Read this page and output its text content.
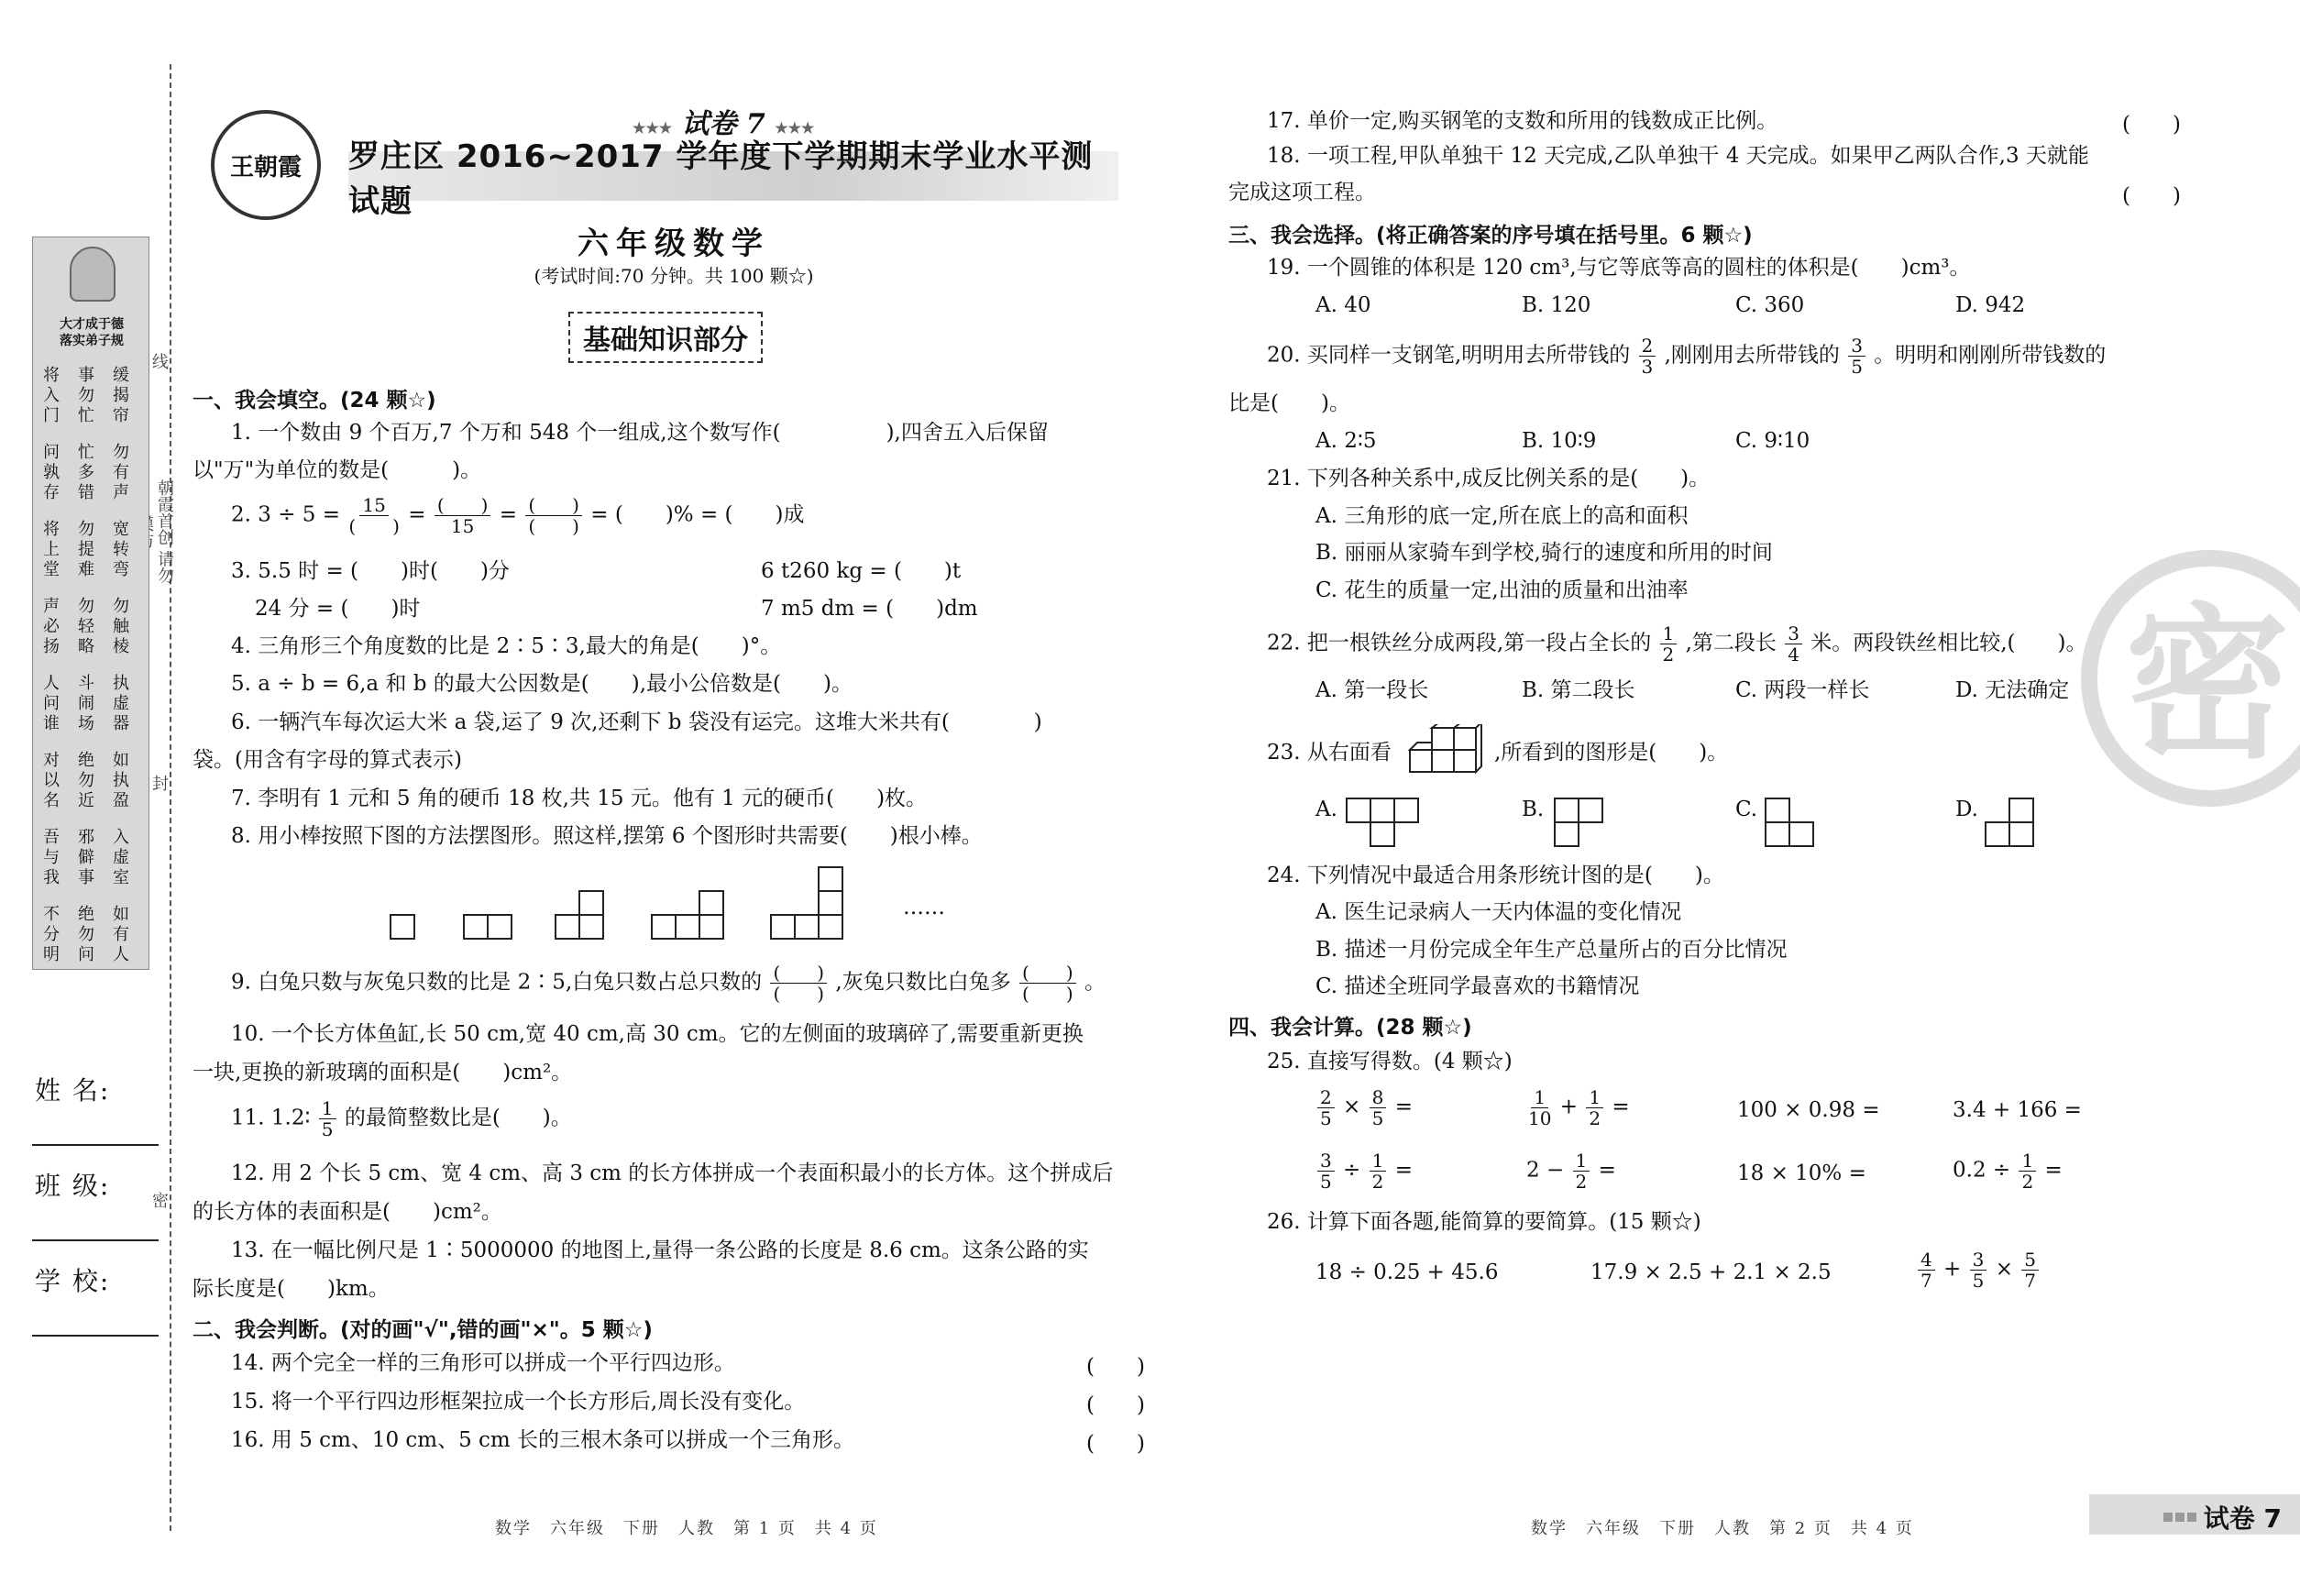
线
朝霞首创 请勿
封
密
大才成于德
落实弟子规
将入门
事勿忙
缓揭帘
问孰存
忙多错
勿有声
将上堂
勿提难
宽转弯
声必扬
勿轻略
勿触棱
人问谁
斗闹场
执虚器
对以名
绝勿近
如执盈
吾与我
邪僻事
入虚室
不分明
绝勿问
如有人
姓 名:
班 级:
学 校:
王朝霞
★★★ 试卷 7 ★★★
罗庄区 2016~2017 学年度下学期期末学业水平测试题
六年级数学
(考试时间:70 分钟。共 100 颗☆)
基础知识部分
一、我会填空。(24 颗☆)
1. 一个数由 9 个百万,7 个万和 548 个一组成,这个数写作(　　　　　),四舍五入后保留
以"万"为单位的数是(　　　)。
2. $3 \div 5 = \frac{15}{( )} = \frac{( )}{15} = \frac{( )}{( )}$ = (　　)% = (　　)成
3. 5.5 时 = (　　)时(　　)分	6 t260 kg = (　　)t
24 分 = (　　)时	7 m5 dm = (　　)dm
4. 三角形三个角度数的比是 2∶5∶3,最大的角是(　　)°。
5. a ÷ b = 6,a 和 b 的最大公因数是(　　),最小公倍数是(　　)。
6. 一辆汽车每次运大米 a 袋,运了 9 次,还剩下 b 袋没有运完。这堆大米共有(　　　　)
袋。(用含有字母的算式表示)
7. 李明有 1 元和 5 角的硬币 18 枚,共 15 元。他有 1 元的硬币(　　)枚。
8. 用小棒按照下图的方法摆图形。照这样,摆第 6 个图形时共需要(　　)根小棒。
……
9. 白兔只数与灰兔只数的比是 2∶5,白兔只数占总只数的 $\frac{( )}{( )}$ ,灰兔只数比白兔多 $\frac{( )}{( )}$ 。
10. 一个长方体鱼缸,长 50 cm,宽 40 cm,高 30 cm。它的左侧面的玻璃碎了,需要重新更换
一块,更换的新玻璃的面积是(　　)cm²。
11. 1.2∶ $\frac{1}{5}$ 的最简整数比是(　　)。
12. 用 2 个长 5 cm、宽 4 cm、高 3 cm 的长方体拼成一个表面积最小的长方体。这个拼成后
的长方体的表面积是(　　)cm²。
13. 在一幅比例尺是 1∶5000000 的地图上,量得一条公路的长度是 8.6 cm。这条公路的实
际长度是(　　)km。
二、我会判断。(对的画"√",错的画"×"。5 颗☆)
14. 两个完全一样的三角形可以拼成一个平行四边形。	(　　)
15. 将一个平行四边形框架拉成一个长方形后,周长没有变化。	(　　)
16. 用 5 cm、10 cm、5 cm 长的三根木条可以拼成一个三角形。	(　　)
数学　六年级　下册　人教　第 1 页　共 4 页
17. 单价一定,购买钢笔的支数和所用的钱数成正比例。	(　　)
18. 一项工程,甲队单独干 12 天完成,乙队单独干 4 天完成。如果甲乙两队合作,3 天就能
完成这项工程。	(　　)
三、我会选择。(将正确答案的序号填在括号里。6 颗☆)
19. 一个圆锥的体积是 120 cm³,与它等底等高的圆柱的体积是(　　)cm³。
A. 40	B. 120	C. 360	D. 942
20. 买同样一支钢笔,明明用去所带钱的 $\frac{2}{3}$ ,刚刚用去所带钱的 $\frac{3}{5}$ 。明明和刚刚所带钱数的
比是(　　)。
A. 2∶5	B. 10∶9	C. 9∶10
21. 下列各种关系中,成反比例关系的是(　　)。
A. 三角形的底一定,所在底上的高和面积
B. 丽丽从家骑车到学校,骑行的速度和所用的时间
C. 花生的质量一定,出油的质量和出油率
22. 把一根铁丝分成两段,第一段占全长的 $\frac{1}{2}$ ,第二段长 $\frac{3}{4}$ 米。两段铁丝相比较,(　　)。
A. 第一段长	B. 第二段长	C. 两段一样长	D. 无法确定
23. 从右面看	,所看到的图形是(　　)。
A.	B.	C.	D.
24. 下列情况中最适合用条形统计图的是(　　)。
A. 医生记录病人一天内体温的变化情况
B. 描述一月份完成全年生产总量所占的百分比情况
C. 描述全班同学最喜欢的书籍情况
四、我会计算。(28 颗☆)
25. 直接写得数。(4 颗☆)
$\frac{2}{5} \times \frac{8}{5}$ =	$\frac{1}{10} + \frac{1}{2}$ =	100 × 0.98 =	3.4 + 166 =
$\frac{3}{5} \div \frac{1}{2}$ =	$2 - \frac{1}{2}$ =	18 × 10% =	$0.2 \div \frac{1}{2}$ =
26. 计算下面各题,能简算的要简算。(15 颗☆)
18 ÷ 0.25 + 45.6	17.9 × 2.5 + 2.1 × 2.5	$\frac{4}{7} + \frac{3}{5} \times \frac{5}{7}$
数学　六年级　下册　人教　第 2 页　共 4 页
密
试卷 7
